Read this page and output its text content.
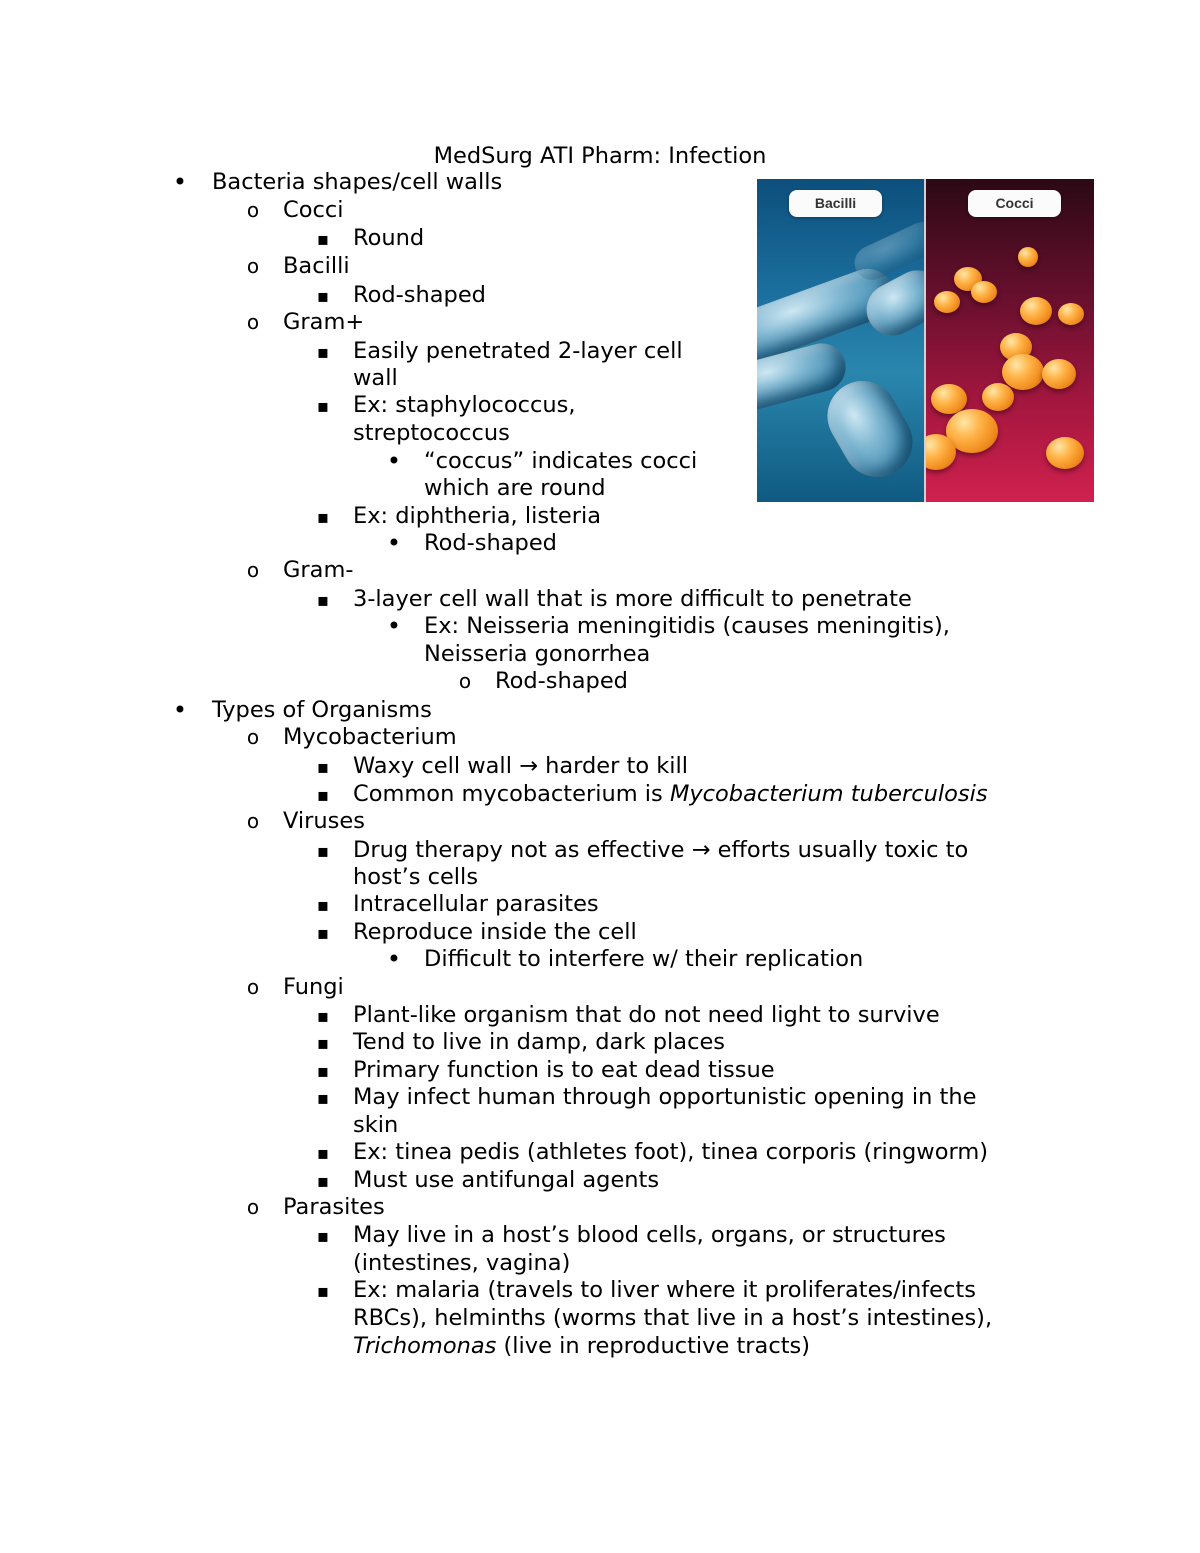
MedSurg ATI Pharm: Infection
•
Bacteria shapes/cell walls
o
Cocci
▪
Round
o
Bacilli
▪
Rod-shaped
o
Gram+
▪
Easily penetrated 2-layer cell
wall
▪
Ex: staphylococcus,
streptococcus
•
“coccus” indicates cocci
which are round
▪
Ex: diphtheria, listeria
•
Rod-shaped
o
Gram-
▪
3-layer cell wall that is more difficult to penetrate
•
Ex: Neisseria meningitidis (causes meningitis),
Neisseria gonorrhea
o
Rod-shaped
•
Types of Organisms
o
Mycobacterium
▪
Waxy cell wall → harder to kill
▪
Common mycobacterium is Mycobacterium tuberculosis
o
Viruses
▪
Drug therapy not as effective → efforts usually toxic to
host’s cells
▪
Intracellular parasites
▪
Reproduce inside the cell
•
Difficult to interfere w/ their replication
o
Fungi
▪
Plant-like organism that do not need light to survive
▪
Tend to live in damp, dark places
▪
Primary function is to eat dead tissue
▪
May infect human through opportunistic opening in the
skin
▪
Ex: tinea pedis (athletes foot), tinea corporis (ringworm)
▪
Must use antifungal agents
o
Parasites
▪
May live in a host’s blood cells, organs, or structures
(intestines, vagina)
▪
Ex: malaria (travels to liver where it proliferates/infects
RBCs), helminths (worms that live in a host’s intestines),
Trichomonas (live in reproductive tracts)
Bacilli	Cocci
